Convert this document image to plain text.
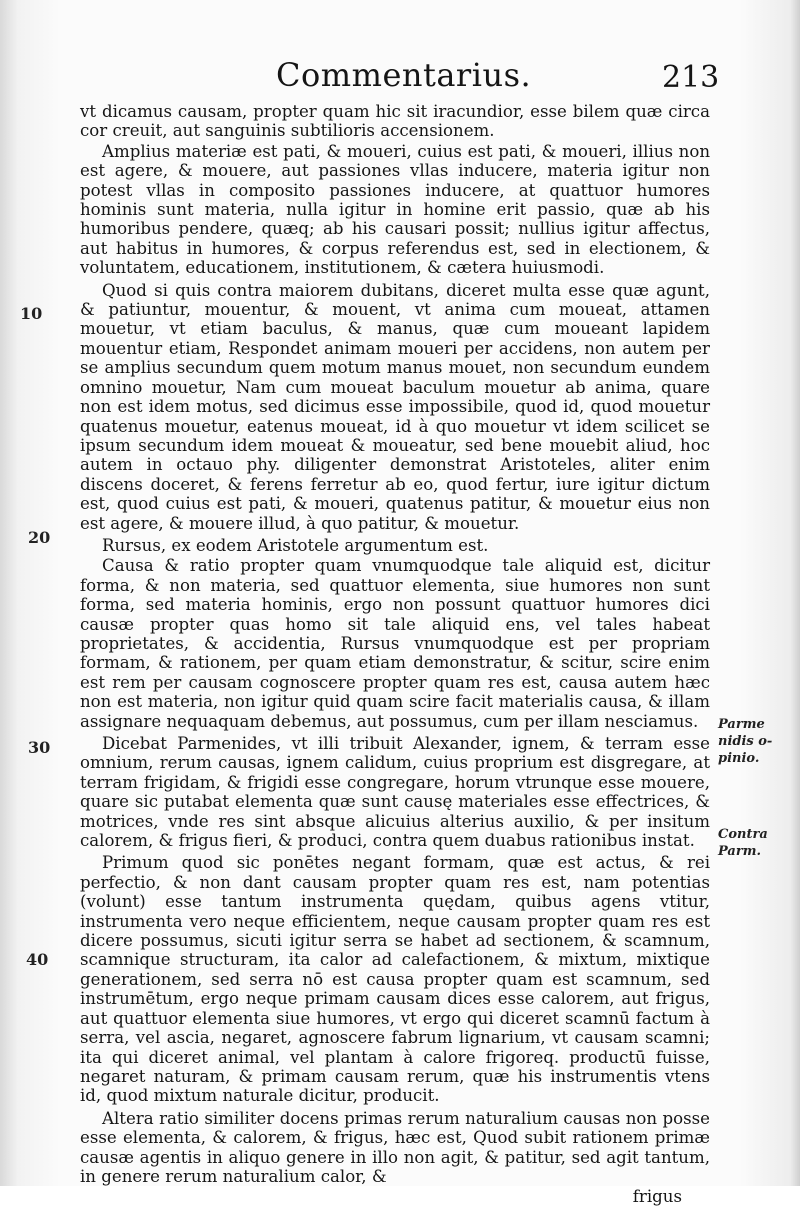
Commentarius.	213
10
20
30
40
Parme
nidis o-
pinio.
Contra
Parm.

vt dicamus causam, propter quam hic sit iracundior, esse bilem quæ circa cor creuit, aut sanguinis subtilioris accensionem.

Amplius materiæ est pati, & moueri, cuius est pati, & moueri, illius non est agere, & mouere, aut passiones vllas inducere, materia igitur non potest vllas in composito passiones inducere, at quattuor humores hominis sunt materia, nulla igitur in homine erit passio, quæ ab his humoribus pendere, quæq; ab his causari possit; nullius igitur affectus, aut habitus in humores, & corpus referendus est, sed in electionem, & voluntatem, educationem, institutionem, & cætera huiusmodi.

Quod si quis contra maiorem dubitans, diceret multa esse quæ agunt, & patiuntur, mouentur, & mouent, vt anima cum moueat, attamen mouetur, vt etiam baculus, & manus, quæ cum moueant lapidem mouentur etiam, Respondet animam moueri per accidens, non autem per se amplius secundum quem motum manus mouet, non secundum eundem omnino mouetur, Nam cum moueat baculum mouetur ab anima, quare non est idem motus, sed dicimus esse impossibile, quod id, quod mouetur quatenus mouetur, eatenus moueat, id à quo mouetur vt idem scilicet se ipsum secundum idem moueat & moueatur, sed bene mouebit aliud, hoc autem in octauo phy. diligenter demonstrat Aristoteles, aliter enim discens doceret, & ferens ferretur ab eo, quod fertur, iure igitur dictum est, quod cuius est pati, & moueri, quatenus patitur, & mouetur eius non est agere, & mouere illud, à quo patitur, & mouetur.

Rursus, ex eodem Aristotele argumentum est.

Causa & ratio propter quam vnumquodque tale aliquid est, dicitur forma, & non materia, sed quattuor elementa, siue humores non sunt forma, sed materia hominis, ergo non possunt quattuor humores dici causæ propter quas homo sit tale aliquid ens, vel tales habeat proprietates, & accidentia, Rursus vnumquodque est per propriam formam, & rationem, per quam etiam demonstratur, & scitur, scire enim est rem per causam cognoscere propter quam res est, causa autem hæc non est materia, non igitur quid quam scire facit materialis causa, & illam assignare nequaquam debemus, aut possumus, cum per illam nesciamus.

Dicebat Parmenides, vt illi tribuit Alexander, ignem, & terram esse omnium, rerum causas, ignem calidum, cuius proprium est disgregare, at terram frigidam, & frigidi esse congregare, horum vtrunque esse mouere, quare sic putabat elementa quæ sunt causę materiales esse effectrices, & motrices, vnde res sint absque alicuius alterius auxilio, & per insitum calorem, & frigus fieri, & produci, contra quem duabus rationibus instat.

Primum quod sic ponētes negant formam, quæ est actus, & rei perfectio, & non dant causam propter quam res est, nam potentias (volunt) esse tantum instrumenta quędam, quibus agens vtitur, instrumenta vero neque efficientem, neque causam propter quam res est dicere possumus, sicuti igitur serra se habet ad sectionem, & scamnum, scamnique structuram, ita calor ad calefactionem, & mixtum, mixtique generationem, sed serra nō est causa propter quam est scamnum, sed instrumētum, ergo neque primam causam dices esse calorem, aut frigus, aut quattuor elementa siue humores, vt ergo qui diceret scamnū factum à serra, vel ascia, negaret, agnoscere fabrum lignarium, vt causam scamni; ita qui diceret animal, vel plantam à calore frigoreq. productū fuisse, negaret naturam, & primam causam rerum, quæ his instrumentis vtens id, quod mixtum naturale dicitur, producit.

Altera ratio similiter docens primas rerum naturalium causas non posse esse elementa, & calorem, & frigus, hæc est, Quod subit rationem primæ causæ agentis in aliquo genere in illo non agit, & patitur, sed agit tantum, in genere rerum naturalium calor, &

frigus
